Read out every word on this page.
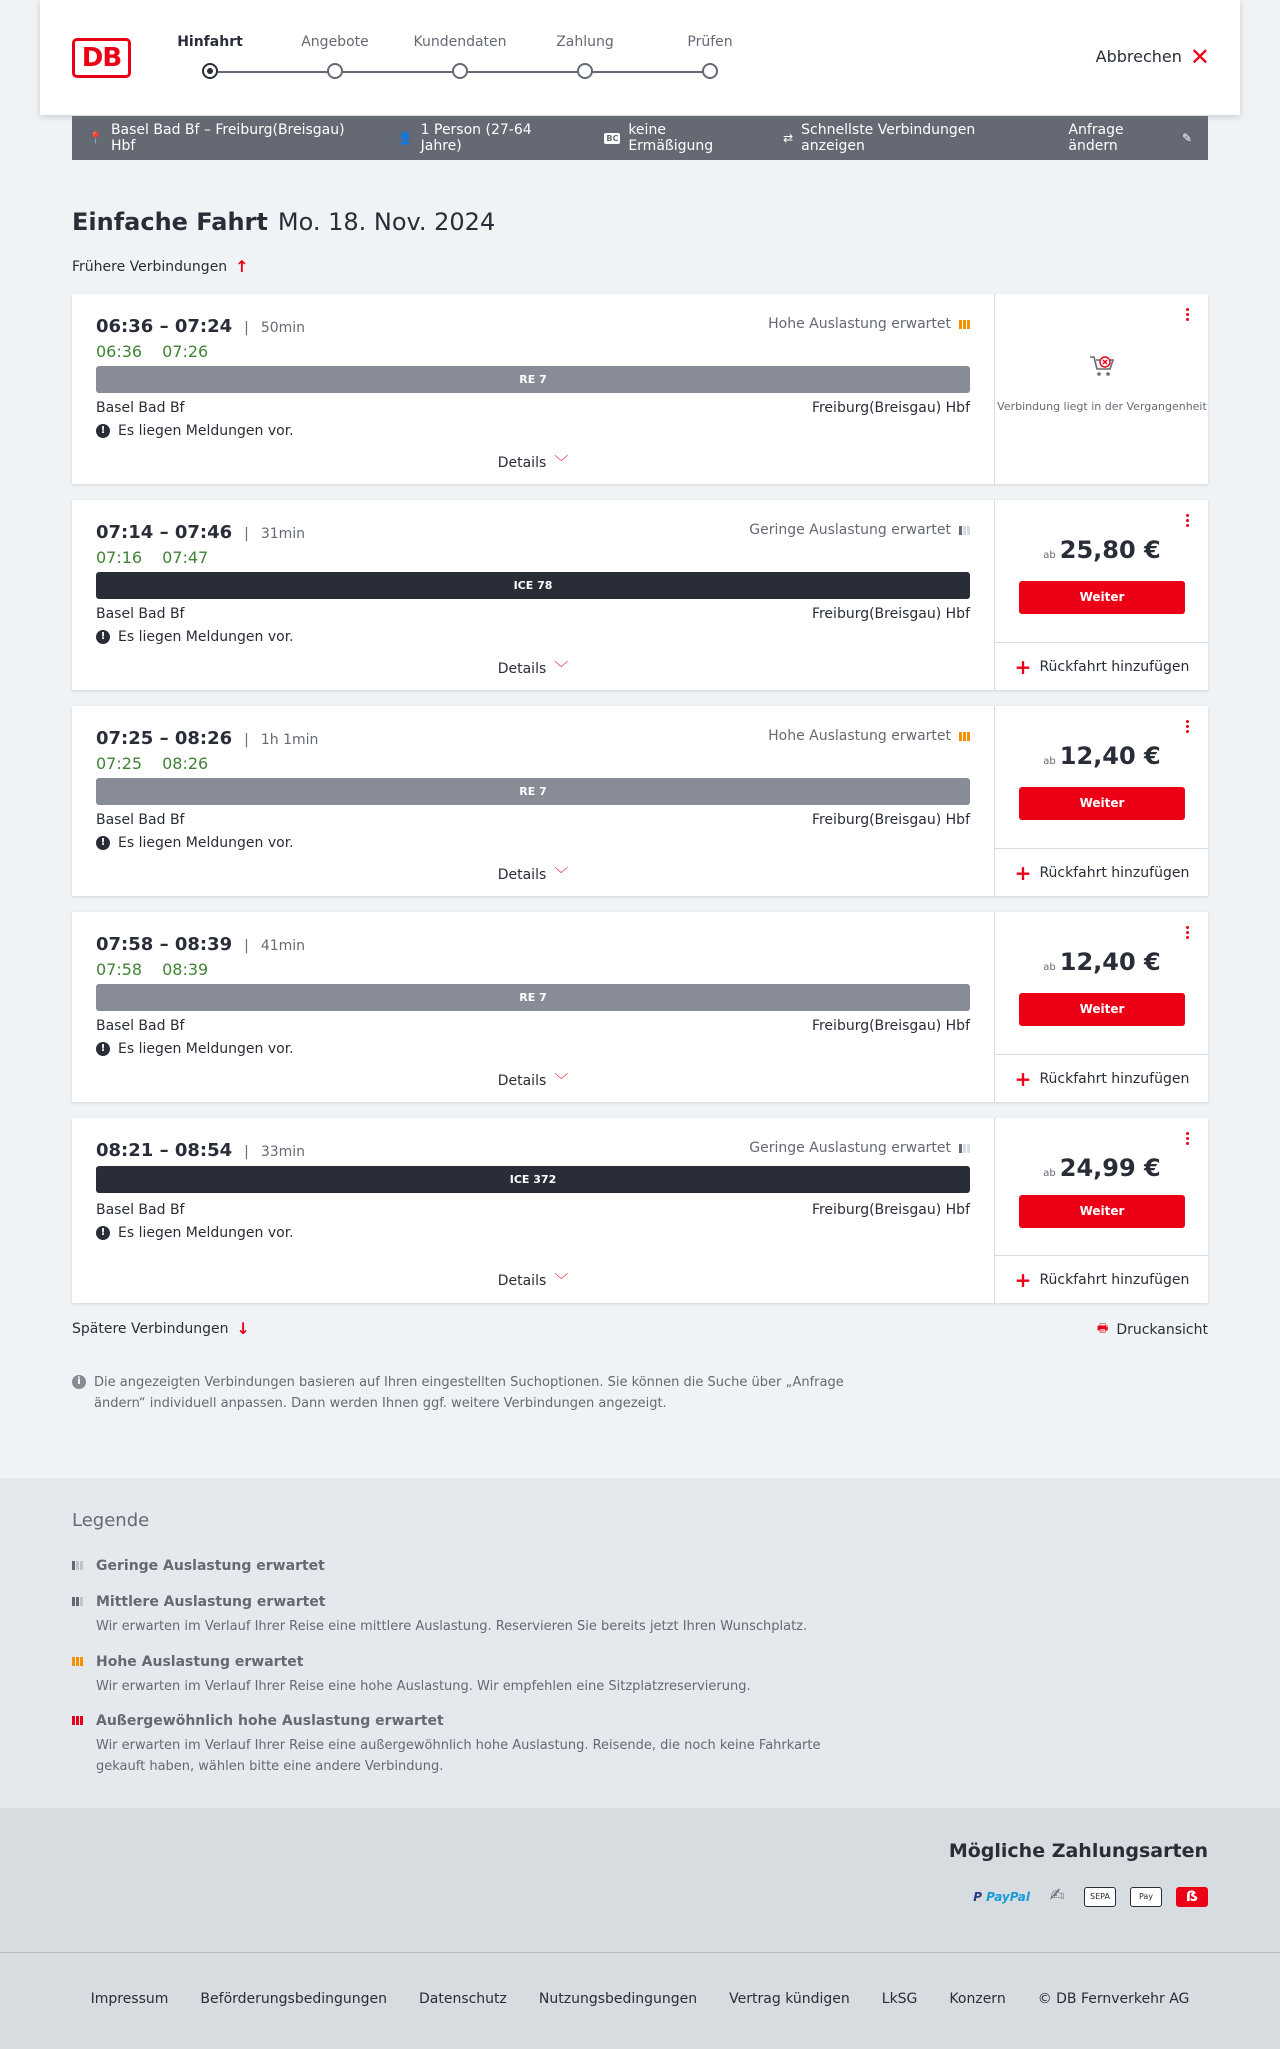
DB
Hinfahrt	Angebote	Kundendaten	Zahlung	Prüfen
Abbrechen ✕
📍 Basel Bad Bf – Freiburg(Breisgau) Hbf	👤 1 Person (27-64 Jahre)	BC keine Ermäßigung	⇄ Schnellste Verbindungen anzeigen
Anfrage ändern	✎
Einfache Fahrt Mo. 18. Nov. 2024
Frühere Verbindungen ↑
06:36 – 07:24 | 50min
06:36 07:26
Hohe Auslastung erwartet
RE 7
Basel Bad Bf	Freiburg(Breisgau) Hbf
! Es liegen Meldungen vor.
Details ﹀
Verbindung liegt in der Vergangenheit
07:14 – 07:46 | 31min
07:16 07:47
Geringe Auslastung erwartet
ICE 78
Basel Bad Bf	Freiburg(Breisgau) Hbf
! Es liegen Meldungen vor.
Details ﹀
ab 25,80 €
Weiter
+ Rückfahrt hinzufügen
07:25 – 08:26 | 1h 1min
07:25 08:26
Hohe Auslastung erwartet
RE 7
Basel Bad Bf	Freiburg(Breisgau) Hbf
! Es liegen Meldungen vor.
Details ﹀
ab 12,40 €
Weiter
+ Rückfahrt hinzufügen
07:58 – 08:39 | 41min
07:58 08:39
RE 7
Basel Bad Bf	Freiburg(Breisgau) Hbf
! Es liegen Meldungen vor.
Details ﹀
ab 12,40 €
Weiter
+ Rückfahrt hinzufügen
08:21 – 08:54 | 33min	Geringe Auslastung erwartet
ICE 372
Basel Bad Bf	Freiburg(Breisgau) Hbf
! Es liegen Meldungen vor.
Details ﹀
ab 24,99 €
Weiter
+ Rückfahrt hinzufügen
Spätere Verbindungen ↓	🖶 Druckansicht
i	Die angezeigten Verbindungen basieren auf Ihren eingestellten Suchoptionen. Sie können die Suche über „Anfrage ändern“ individuell anpassen. Dann werden Ihnen ggf. weitere Verbindungen angezeigt.
Legende
Geringe Auslastung erwartet
Mittlere Auslastung erwartet
Wir erwarten im Verlauf Ihrer Reise eine mittlere Auslastung. Reservieren Sie bereits jetzt Ihren Wunschplatz.
Hohe Auslastung erwartet
Wir erwarten im Verlauf Ihrer Reise eine hohe Auslastung. Wir empfehlen eine Sitzplatzreservierung.
Außergewöhnlich hohe Auslastung erwartet
Wir erwarten im Verlauf Ihrer Reise eine außergewöhnlich hohe Auslastung. Reisende, die noch keine Fahrkarte gekauft haben, wählen bitte eine andere Verbindung.
Mögliche Zahlungsarten
P PayPal	✍	SEPA	Pay	ẞ
Impressum Beförderungsbedingungen Datenschutz Nutzungsbedingungen Vertrag kündigen LkSG Konzern © DB Fernverkehr AG
